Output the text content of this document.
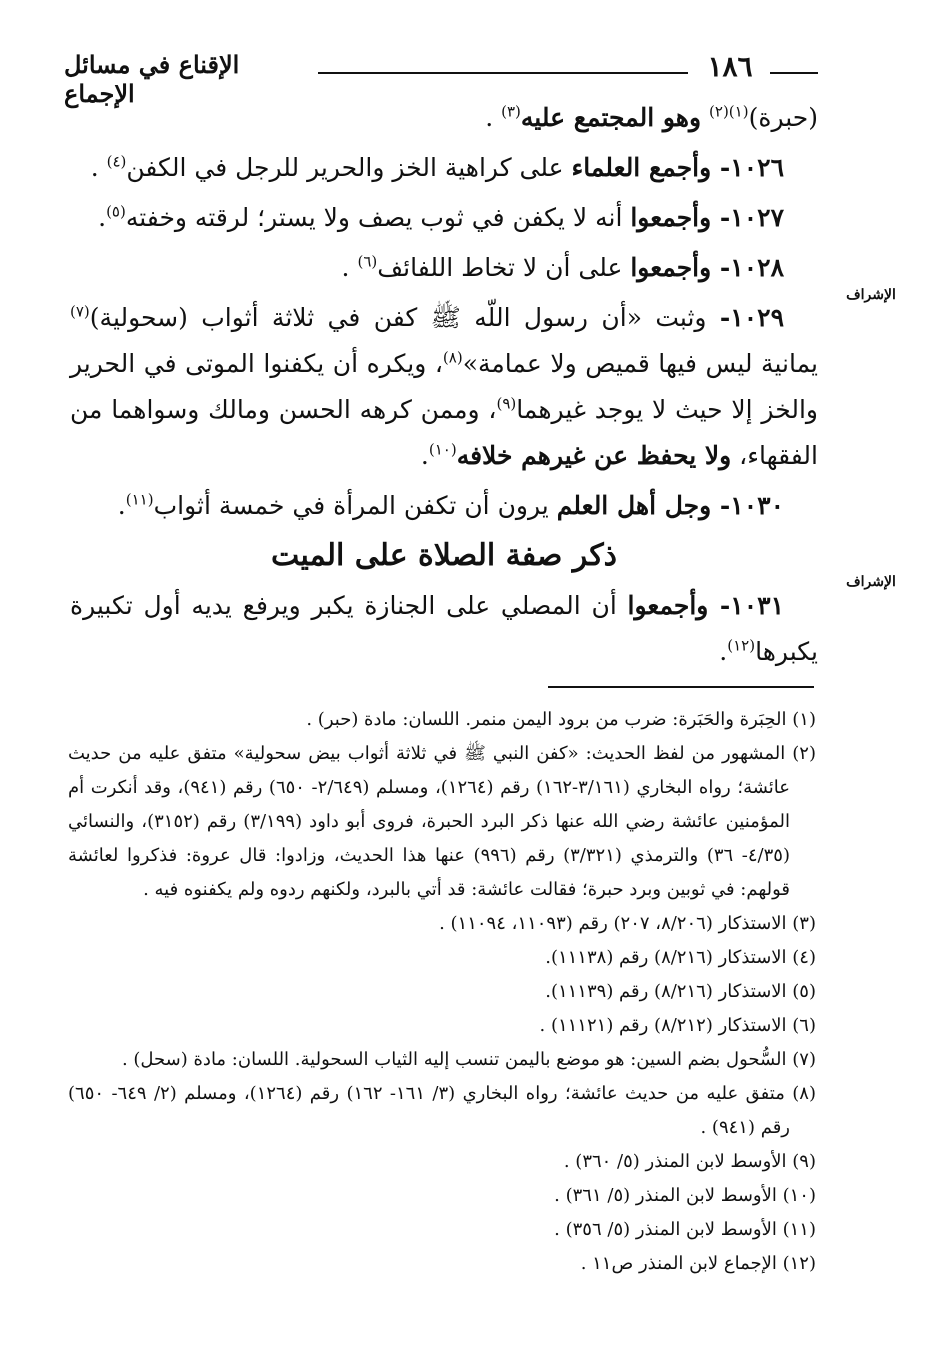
١٨٦
الإقناع في مسائل الإجماع
الإشراف
الإشراف

(حبرة)$^{(١)(٢)}$ وهو المجتمع عليه$^{(٣)}$ .

١٠٢٦- وأجمع العلماء على كراهية الخز والحرير للرجل في الكفن$^{(٤)}$ .

١٠٢٧- وأجمعوا أنه لا يكفن في ثوب يصف ولا يستر؛ لرقته وخفته$^{(٥)}$.

١٠٢٨- وأجمعوا على أن لا تخاط اللفائف$^{(٦)}$ .

١٠٢٩- وثبت «أن رسول اللّه ﷺ كفن في ثلاثة أثواب (سحولية)$^{(٧)}$ يمانية ليس فيها قميص ولا عمامة»$^{(٨)}$، ويكره أن يكفنوا الموتى في الحرير والخز إلا حيث لا يوجد غيرهما$^{(٩)}$، وممن كرهه الحسن ومالك وسواهما من الفقهاء، ولا يحفظ عن غيرهم خلافه$^{(١٠)}$.

١٠٣٠- وجل أهل العلم يرون أن تكفن المرأة في خمسة أثواب$^{(١١)}$.

ذكر صفة الصلاة على الميت

١٠٣١- وأجمعوا أن المصلي على الجنازة يكبر ويرفع يديه أول تكبيرة يكبرها$^{(١٢)}$.

(١) الحِبَرة والحَبَرة: ضرب من برود اليمن منمر. اللسان: مادة (حبر) .

(٢) المشهور من لفظ الحديث: «كفن النبي ﷺ في ثلاثة أثواب بيض سحولية» متفق عليه من حديث عائشة؛ رواه البخاري (٣/١٦١-١٦٢) رقم (١٢٦٤)، ومسلم (٢/٦٤٩- ٦٥٠) رقم (٩٤١)، وقد أنكرت أم المؤمنين عائشة رضي الله عنها ذكر البرد الحبرة، فروى أبو داود (٣/١٩٩) رقم (٣١٥٢)، والنسائي (٤/٣٥- ٣٦) والترمذي (٣/٣٢١) رقم (٩٩٦) عنها هذا الحديث، وزادوا: قال عروة: فذكروا لعائشة قولهم: في ثوبين وبرد حبرة؛ فقالت عائشة: قد أتي بالبرد، ولكنهم ردوه ولم يكفنوه فيه .

(٣) الاستذكار (٨/٢٠٦، ٢٠٧) رقم (١١٠٩٣، ١١٠٩٤) .

(٤) الاستذكار (٨/٢١٦) رقم (١١١٣٨).

(٥) الاستذكار (٨/٢١٦) رقم (١١١٣٩).

(٦) الاستذكار (٨/٢١٢) رقم (١١١٢١) .

(٧) السُّحول بضم السين: هو موضع باليمن تنسب إليه الثياب السحولية. اللسان: مادة (سحل) .

(٨) متفق عليه من حديث عائشة؛ رواه البخاري (٣/ ١٦١- ١٦٢) رقم (١٢٦٤)، ومسلم (٢/ ٦٤٩- ٦٥٠) رقم (٩٤١) .

(٩) الأوسط لابن المنذر (٥/ ٣٦٠) .

(١٠) الأوسط لابن المنذر (٥/ ٣٦١) .

(١١) الأوسط لابن المنذر (٥/ ٣٥٦) .

(١٢) الإجماع لابن المنذر ص١١ .
